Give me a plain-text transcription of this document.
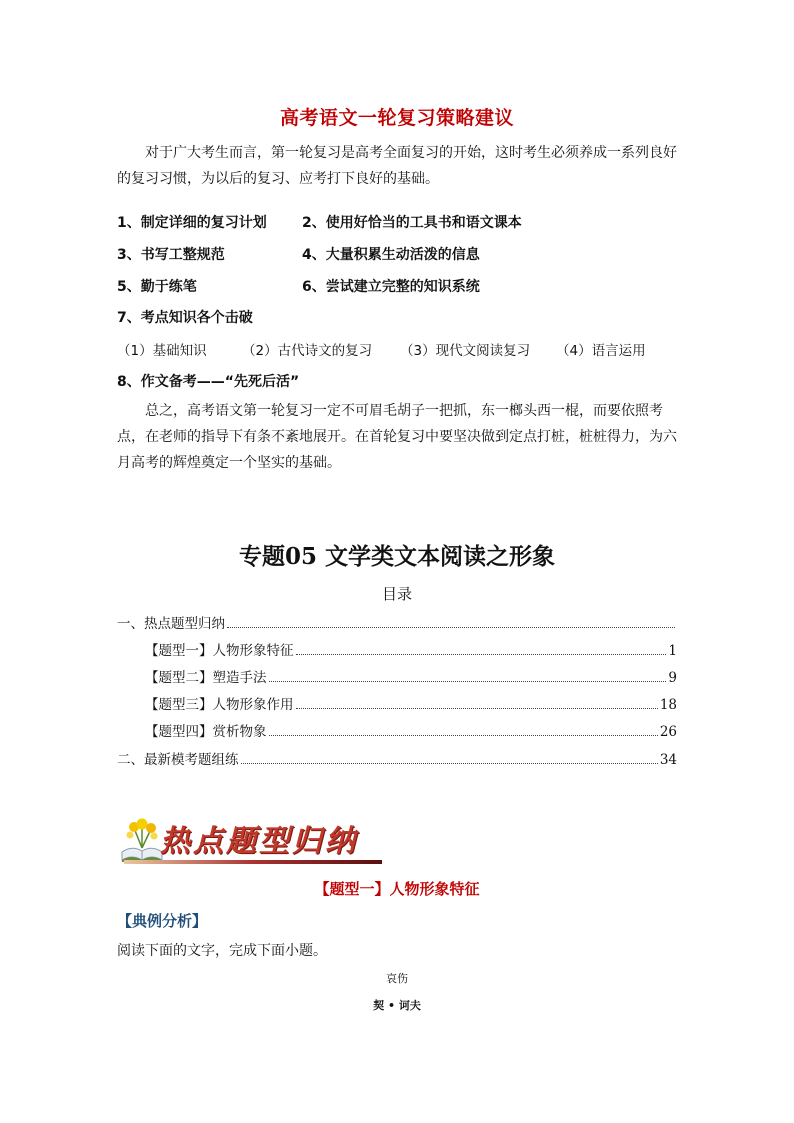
高考语文一轮复习策略建议
对于广大考生而言，第一轮复习是高考全面复习的开始，这时考生必须养成一系列良好的复习习惯，为以后的复习、应考打下良好的基础。
1、制定详细的复习计划	2、使用好恰当的工具书和语文课本
3、书写工整规范	4、大量积累生动活泼的信息
5、勤于练笔	6、尝试建立完整的知识系统
7、考点知识各个击破
（1）基础知识	（2）古代诗文的复习 （3）现代文阅读复习 （4）语言运用
8、作文备考——“先死后活”
总之，高考语文第一轮复习一定不可眉毛胡子一把抓，东一榔头西一棍，而要依照考点，在老师的指导下有条不紊地展开。在首轮复习中要坚决做到定点打桩，桩桩得力，为六月高考的辉煌奠定一个坚实的基础。
专题05 文学类文本阅读之形象
目录
一、热点题型归纳
【题型一】人物形象特征	1
【题型二】塑造手法	9
【题型三】人物形象作用	18
【题型四】赏析物象	26
二、最新模考题组练	34
热点题型归纳
【题型一】人物形象特征
【典例分析】
阅读下面的文字，完成下面小题。
哀伤
契 • 诃夫
